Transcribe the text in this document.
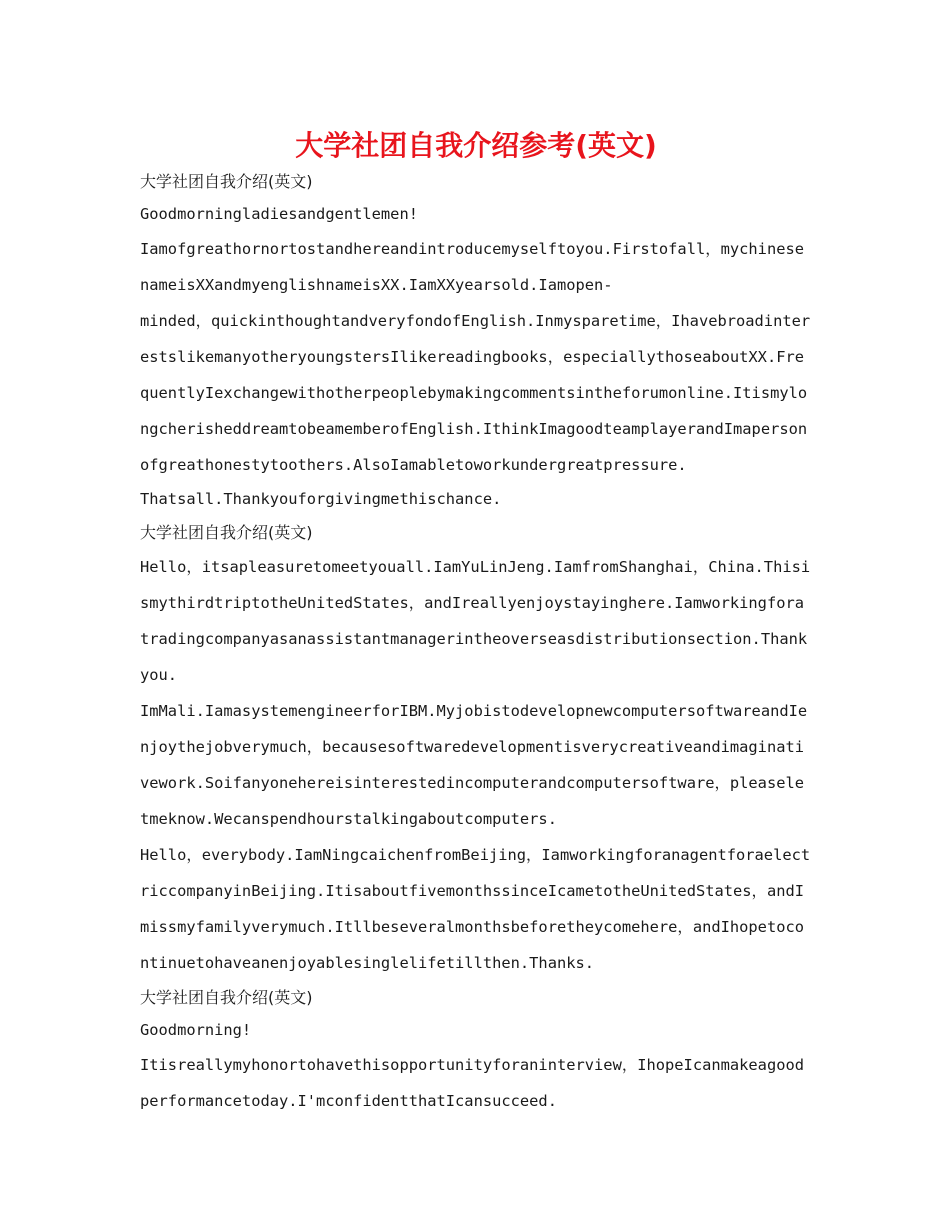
大学社团自我介绍参考(英文)

大学社团自我介绍(英文)

Goodmorningladiesandgentlemen!

Iamofgreathornortostandhereandintroducemyselftoyou.Firstofall，mychinesenameisXXandmyenglishnameisXX.IamXXyearsold.Iamopen-

minded，quickinthoughtandveryfondofEnglish.Inmysparetime，IhavebroadinterestslikemanyotheryoungstersIlikereadingbooks，especiallythoseaboutXX.FrequentlyIexchangewithotherpeoplebymakingcommentsintheforumonline.ItismylongcherisheddreamtobeamemberofEnglish.IthinkImagoodteamplayerandImapersonofgreathonestytoothers.AlsoIamabletoworkundergreatpressure.

Thatsall.Thankyouforgivingmethischance.

大学社团自我介绍(英文)

Hello，itsapleasuretomeetyouall.IamYuLinJeng.IamfromShanghai，China.ThisismythirdtriptotheUnitedStates，andIreallyenjoystayinghere.Iamworkingforatradingcompanyasanassistantmanagerintheoverseasdistributionsection.Thankyou.

ImMali.IamasystemengineerforIBM.MyjobistodevelopnewcomputersoftwareandIenjoythejobverymuch，becausesoftwaredevelopmentisverycreativeandimaginativework.Soifanyonehereisinterestedincomputerandcomputersoftware，pleaseletmeknow.Wecanspendhourstalkingaboutcomputers.

Hello，everybody.IamNingcaichenfromBeijing，IamworkingforanagentforaelectriccompanyinBeijing.ItisaboutfivemonthssinceIcametotheUnitedStates，andImissmyfamilyverymuch.Itllbeseveralmonthsbeforetheycomehere，andIhopetocontinuetohaveanenjoyablesinglelifetillthen.Thanks.

大学社团自我介绍(英文)

Goodmorning!

Itisreallymyhonortohavethisopportunityforaninterview，IhopeIcanmakeagoodperformancetoday.I'mconfidentthatIcansucceed.
